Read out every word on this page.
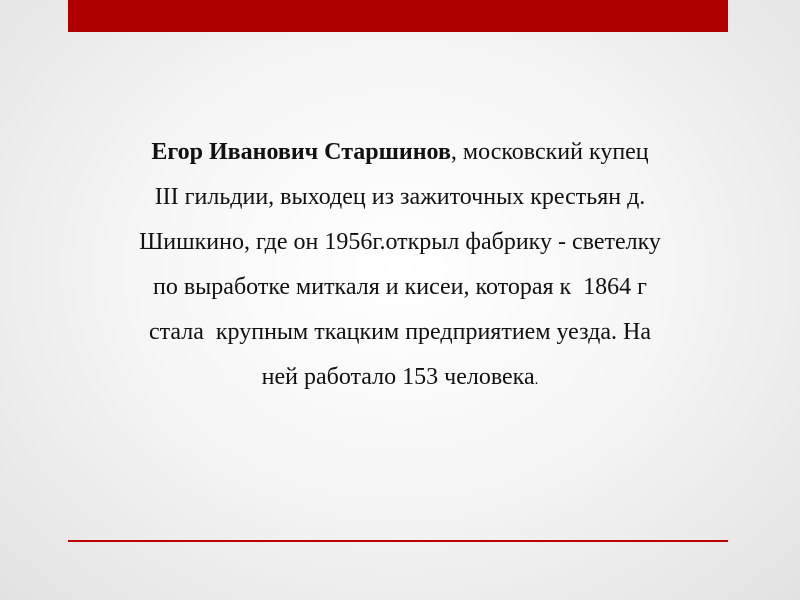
Егор Иванович Старшинов, московский купец
III гильдии, выходец из зажиточных крестьян д.
Шишкино, где он 1956г.открыл фабрику - светелку
по выработке миткаля и кисеи, которая к  1864 г
стала  крупным ткацким предприятием уезда. На
ней работало 153 человека.
